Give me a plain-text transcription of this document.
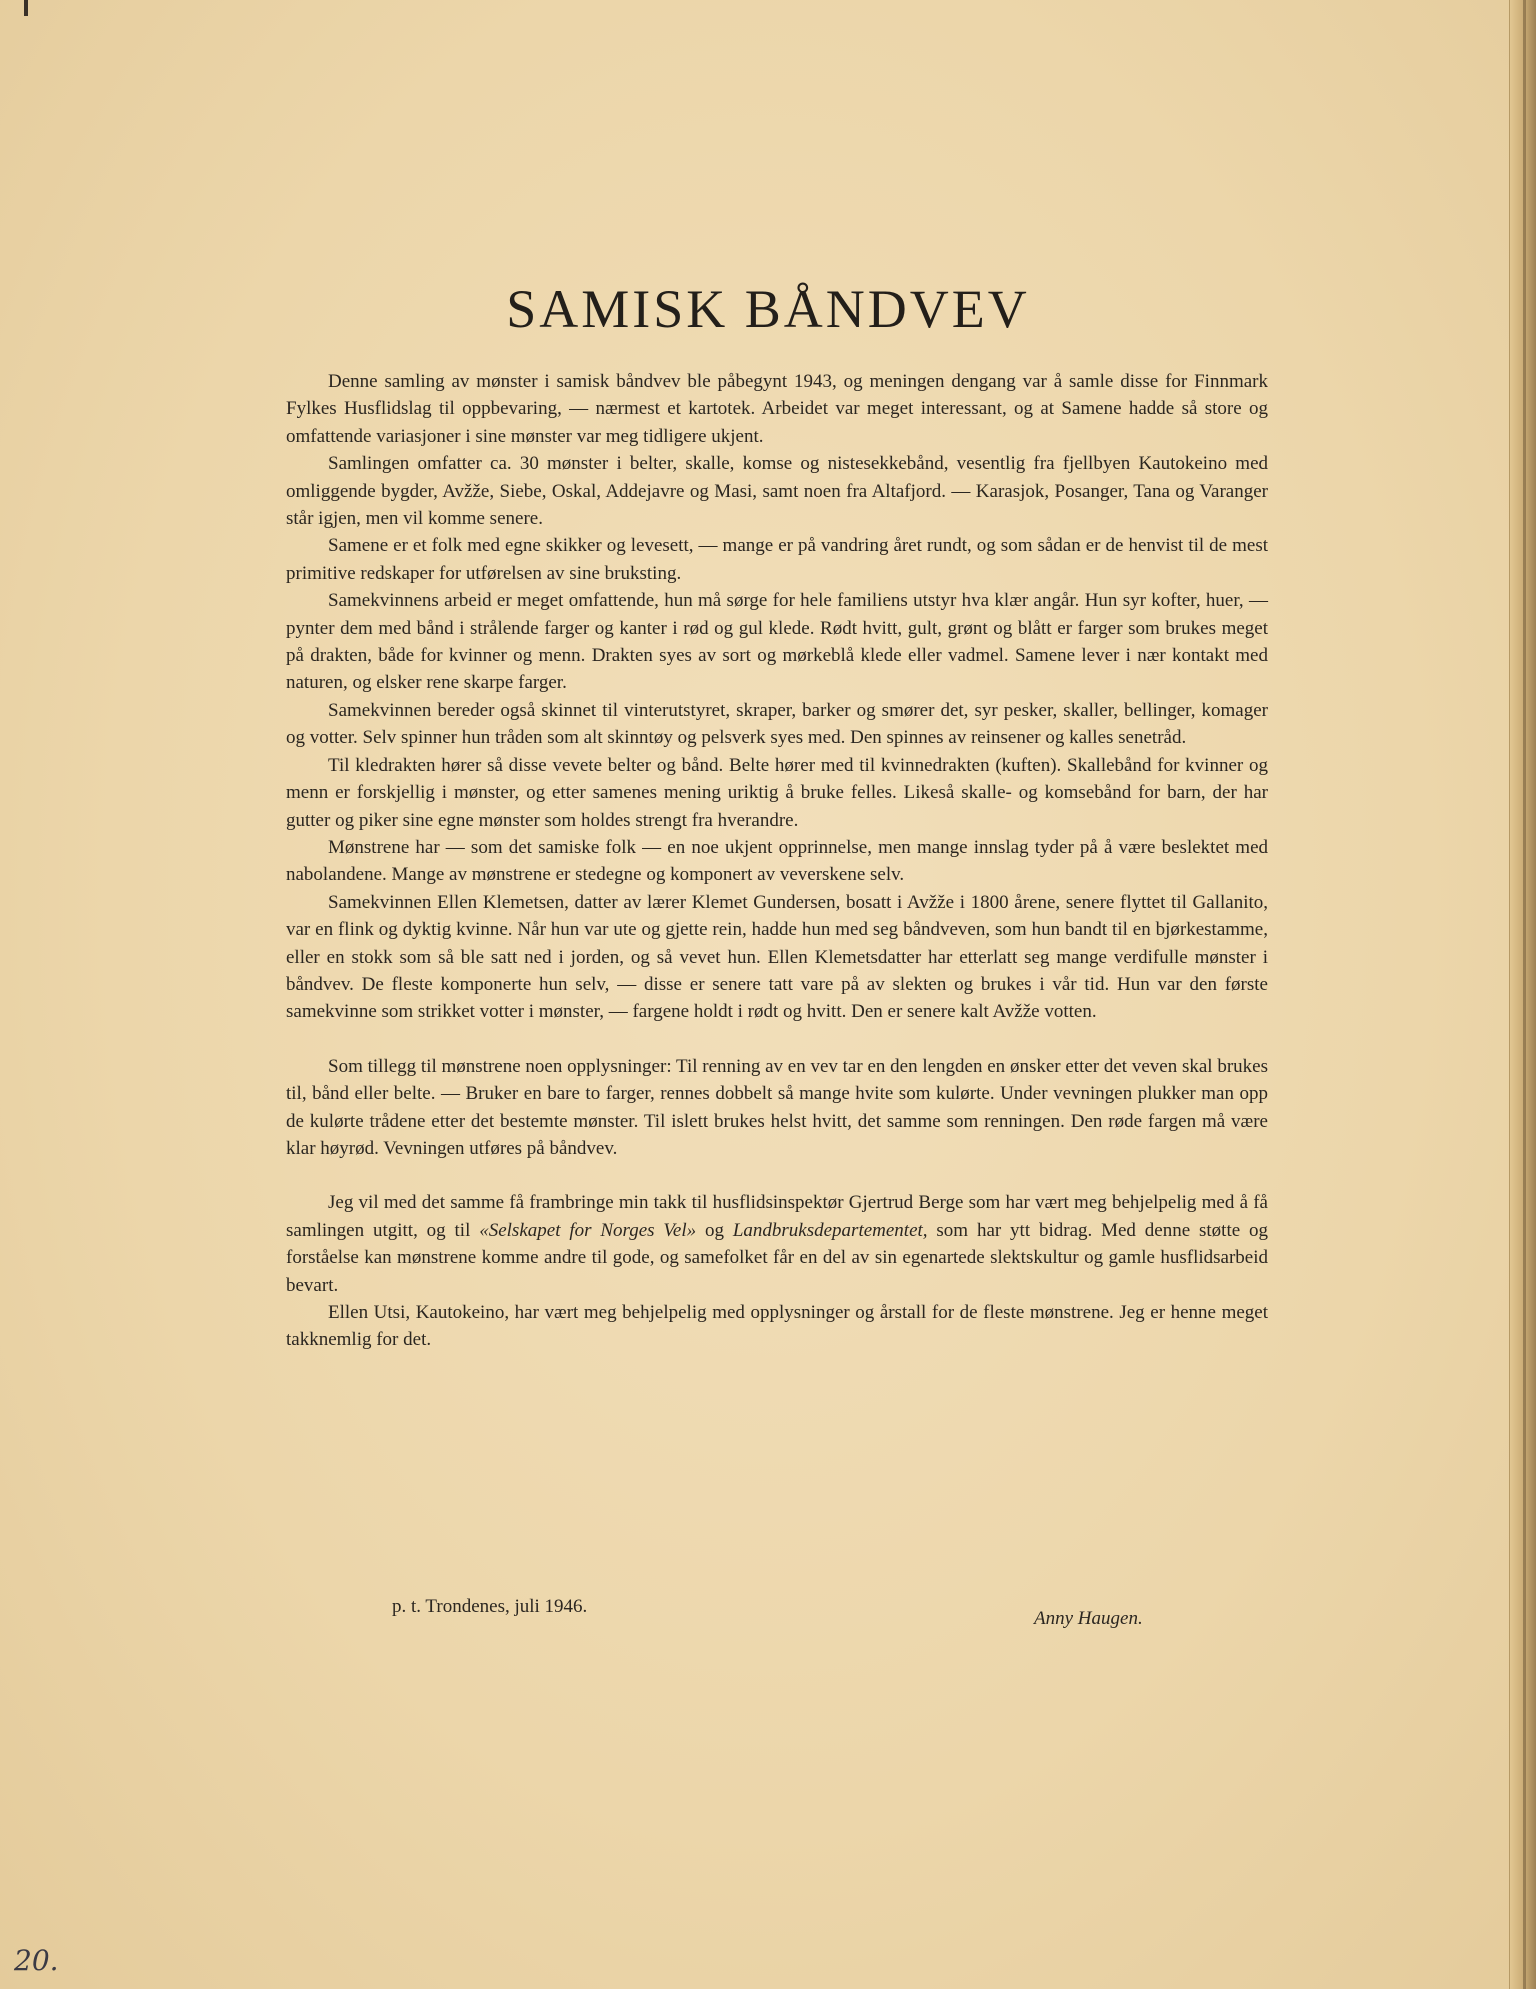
SAMISK BÅNDVEV

Denne samling av mønster i samisk båndvev ble påbegynt 1943, og meningen dengang var å samle disse for Finnmark Fylkes Husflidslag til oppbevaring, — nærmest et kartotek. Arbeidet var meget interessant, og at Samene hadde så store og omfattende variasjoner i sine mønster var meg tidligere ukjent.

Samlingen omfatter ca. 30 mønster i belter, skalle, komse og nistesekkebånd, vesentlig fra fjellbyen Kautokeino med omliggende bygder, Avžže, Siebe, Oskal, Addejavre og Masi, samt noen fra Altafjord. — Karasjok, Posanger, Tana og Varanger står igjen, men vil komme senere.

Samene er et folk med egne skikker og levesett, — mange er på vandring året rundt, og som sådan er de henvist til de mest primitive redskaper for utførelsen av sine bruksting.

Samekvinnens arbeid er meget omfattende, hun må sørge for hele familiens utstyr hva klær angår. Hun syr kofter, huer, — pynter dem med bånd i strålende farger og kanter i rød og gul klede. Rødt hvitt, gult, grønt og blått er farger som brukes meget på drakten, både for kvinner og menn. Drakten syes av sort og mørkeblå klede eller vadmel. Samene lever i nær kontakt med naturen, og elsker rene skarpe farger.

Samekvinnen bereder også skinnet til vinterutstyret, skraper, barker og smører det, syr pesker, skaller, bellinger, komager og votter. Selv spinner hun tråden som alt skinntøy og pelsverk syes med. Den spinnes av reinsener og kalles senetråd.

Til kledrakten hører så disse vevete belter og bånd. Belte hører med til kvinnedrakten (kuften). Skallebånd for kvinner og menn er forskjellig i mønster, og etter samenes mening uriktig å bruke felles. Likeså skalle- og komsebånd for barn, der har gutter og piker sine egne mønster som holdes strengt fra hverandre.

Mønstrene har — som det samiske folk — en noe ukjent opprinnelse, men mange innslag tyder på å være beslektet med nabolandene. Mange av mønstrene er stedegne og komponert av veverskene selv.

Samekvinnen Ellen Klemetsen, datter av lærer Klemet Gundersen, bosatt i Avžže i 1800 årene, senere flyttet til Gallanito, var en flink og dyktig kvinne. Når hun var ute og gjette rein, hadde hun med seg båndveven, som hun bandt til en bjørkestamme, eller en stokk som så ble satt ned i jorden, og så vevet hun. Ellen Klemetsdatter har etterlatt seg mange verdifulle mønster i båndvev. De fleste komponerte hun selv, — disse er senere tatt vare på av slekten og brukes i vår tid. Hun var den første samekvinne som strikket votter i mønster, — fargene holdt i rødt og hvitt. Den er senere kalt Avžže votten.

Som tillegg til mønstrene noen opplysninger: Til renning av en vev tar en den lengden en ønsker etter det veven skal brukes til, bånd eller belte. — Bruker en bare to farger, rennes dobbelt så mange hvite som kulørte. Under vevningen plukker man opp de kulørte trådene etter det bestemte mønster. Til islett brukes helst hvitt, det samme som renningen. Den røde fargen må være klar høyrød. Vevningen utføres på båndvev.

Jeg vil med det samme få frambringe min takk til husflidsinspektør Gjertrud Berge som har vært meg behjelpelig med å få samlingen utgitt, og til «Selskapet for Norges Vel» og Landbruksdepartementet, som har ytt bidrag. Med denne støtte og forståelse kan mønstrene komme andre til gode, og samefolket får en del av sin egenartede slektskultur og gamle husflidsarbeid bevart.

Ellen Utsi, Kautokeino, har vært meg behjelpelig med opplysninger og årstall for de fleste mønstrene. Jeg er henne meget takknemlig for det.

p. t. Trondenes, juli 1946.
Anny Haugen.
20.
